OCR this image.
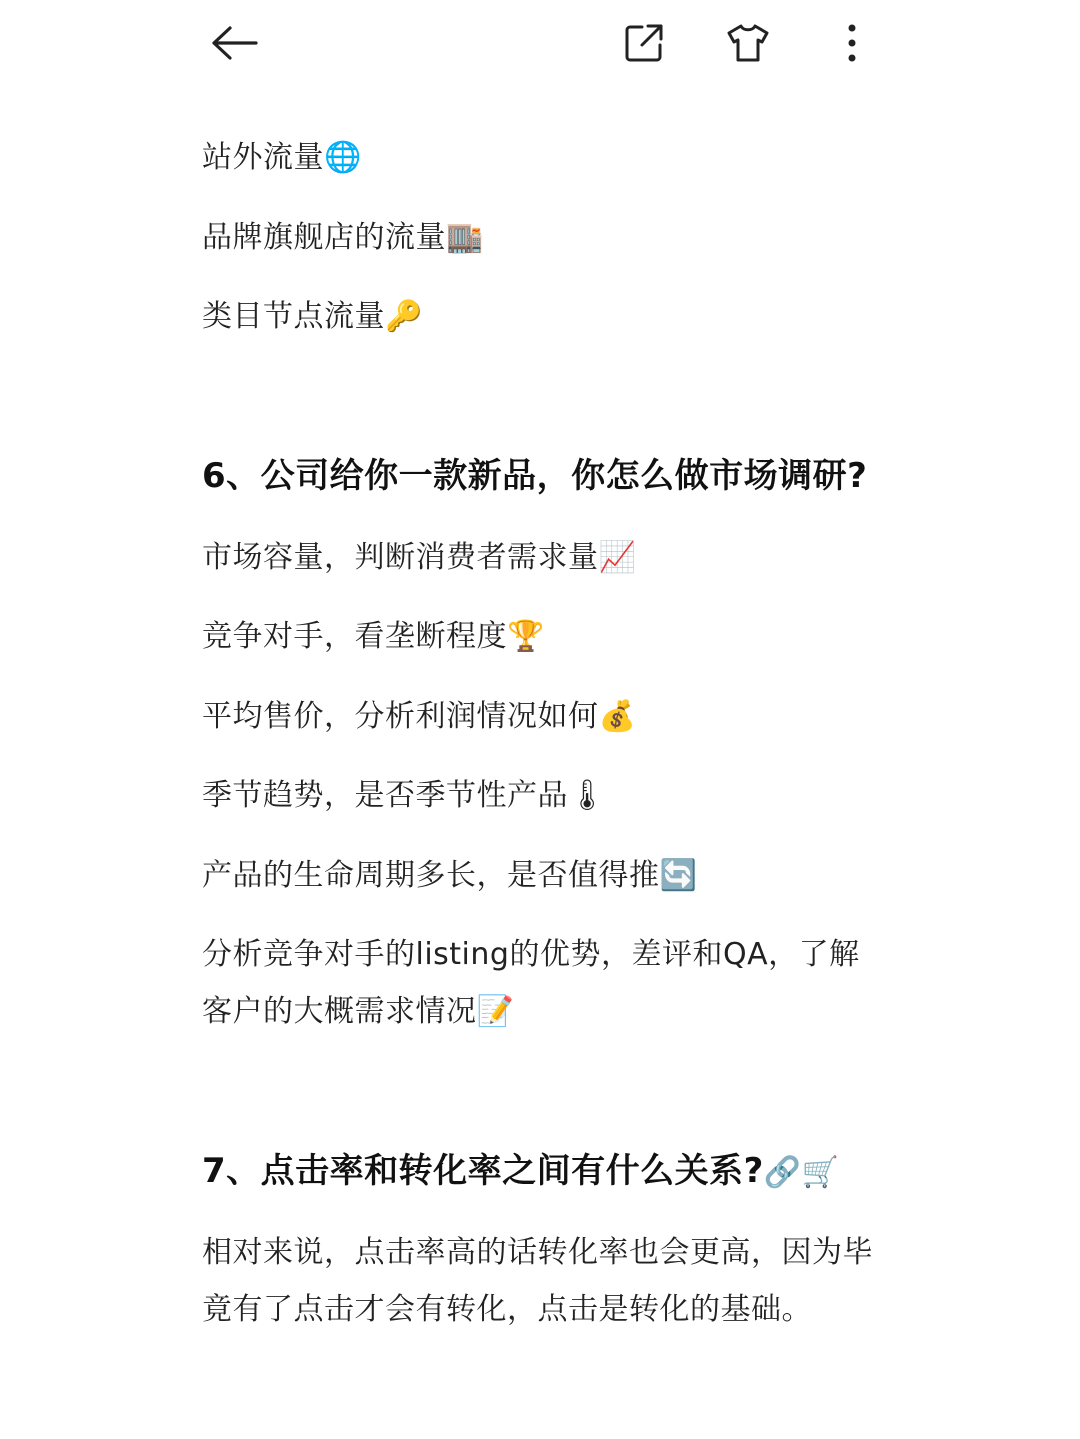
站外流量🌐
品牌旗舰店的流量🏬
类目节点流量🔑
6、公司给你一款新品，你怎么做市场调研?
市场容量，判断消费者需求量📈
竞争对手，看垄断程度🏆
平均售价，分析利润情况如何💰
季节趋势，是否季节性产品🌡
产品的生命周期多长，是否值得推🔄
分析竞争对手的listing的优势，差评和QA，了解
客户的大概需求情况📝
7、点击率和转化率之间有什么关系?🔗🛒
相对来说，点击率高的话转化率也会更高，因为毕
竟有了点击才会有转化，点击是转化的基础。
